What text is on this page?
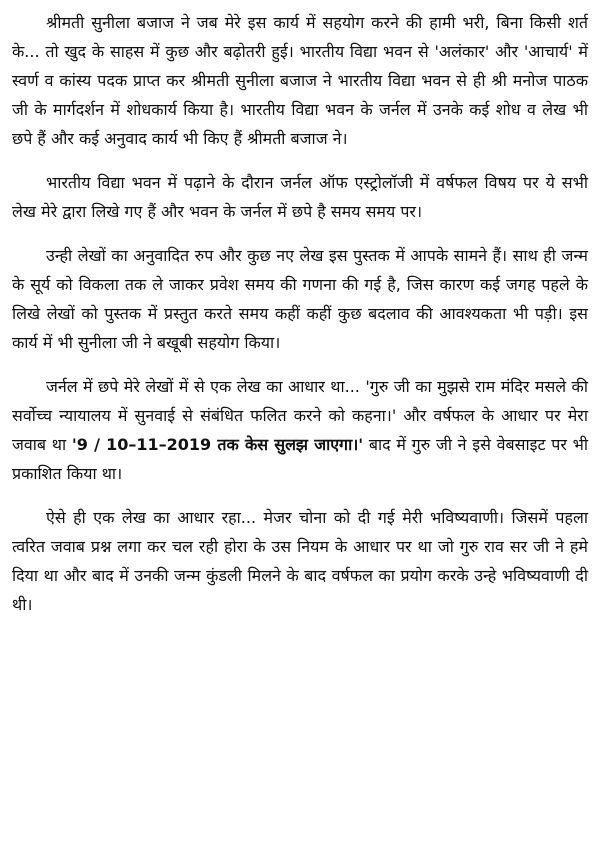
श्रीमती सुनीला बजाज ने जब मेरे इस कार्य में सहयोग करने की हामी भरी, बिना किसी शर्त के... तो खुद के साहस में कुछ और बढ़ोतरी हुई। भारतीय विद्या भवन से 'अलंकार' और 'आचार्य' में स्वर्ण व कांस्य पदक प्राप्त कर श्रीमती सुनीला बजाज ने भारतीय विद्या भवन से ही श्री मनोज पाठक जी के मार्गदर्शन में शोधकार्य किया है। भारतीय विद्या भवन के जर्नल में उनके कई शोध व लेख भी छपे हैं और कई अनुवाद कार्य भी किए हैं श्रीमती बजाज ने।

भारतीय विद्या भवन में पढ़ाने के दौरान जर्नल ऑफ एस्ट्रोलॉजी में वर्षफल विषय पर ये सभी लेख मेरे द्वारा लिखे गए हैं और भवन के जर्नल में छपे है समय समय पर।

उन्ही लेखों का अनुवादित रुप और कुछ नए लेख इस पुस्तक में आपके सामने हैं। साथ ही जन्म के सूर्य को विकला तक ले जाकर प्रवेश समय की गणना की गई है, जिस कारण कई जगह पहले के लिखे लेखों को पुस्तक में प्रस्तुत करते समय कहीं कहीं कुछ बदलाव की आवश्यकता भी पड़ी। इस कार्य में भी सुनीला जी ने बखूबी सहयोग किया।

जर्नल में छपे मेरे लेखों में से एक लेख का आधार था... 'गुरु जी का मुझसे राम मंदिर मसले की सर्वोच्च न्यायालय में सुनवाई से संबंधित फलित करने को कहना।' और वर्षफल के आधार पर मेरा जवाब था '9 / 10–11–2019 तक केस सुलझ जाएगा।' बाद में गुरु जी ने इसे वेबसाइट पर भी प्रकाशित किया था।

ऐसे ही एक लेख का आधार रहा... मेजर चोना को दी गई मेरी भविष्यवाणी। जिसमें पहला त्वरित जवाब प्रश्न लगा कर चल रही होरा के उस नियम के आधार पर था जो गुरु राव सर जी ने हमे दिया था और बाद में उनकी जन्म कुंडली मिलने के बाद वर्षफल का प्रयोग करके उन्हे भविष्यवाणी दी थी।
